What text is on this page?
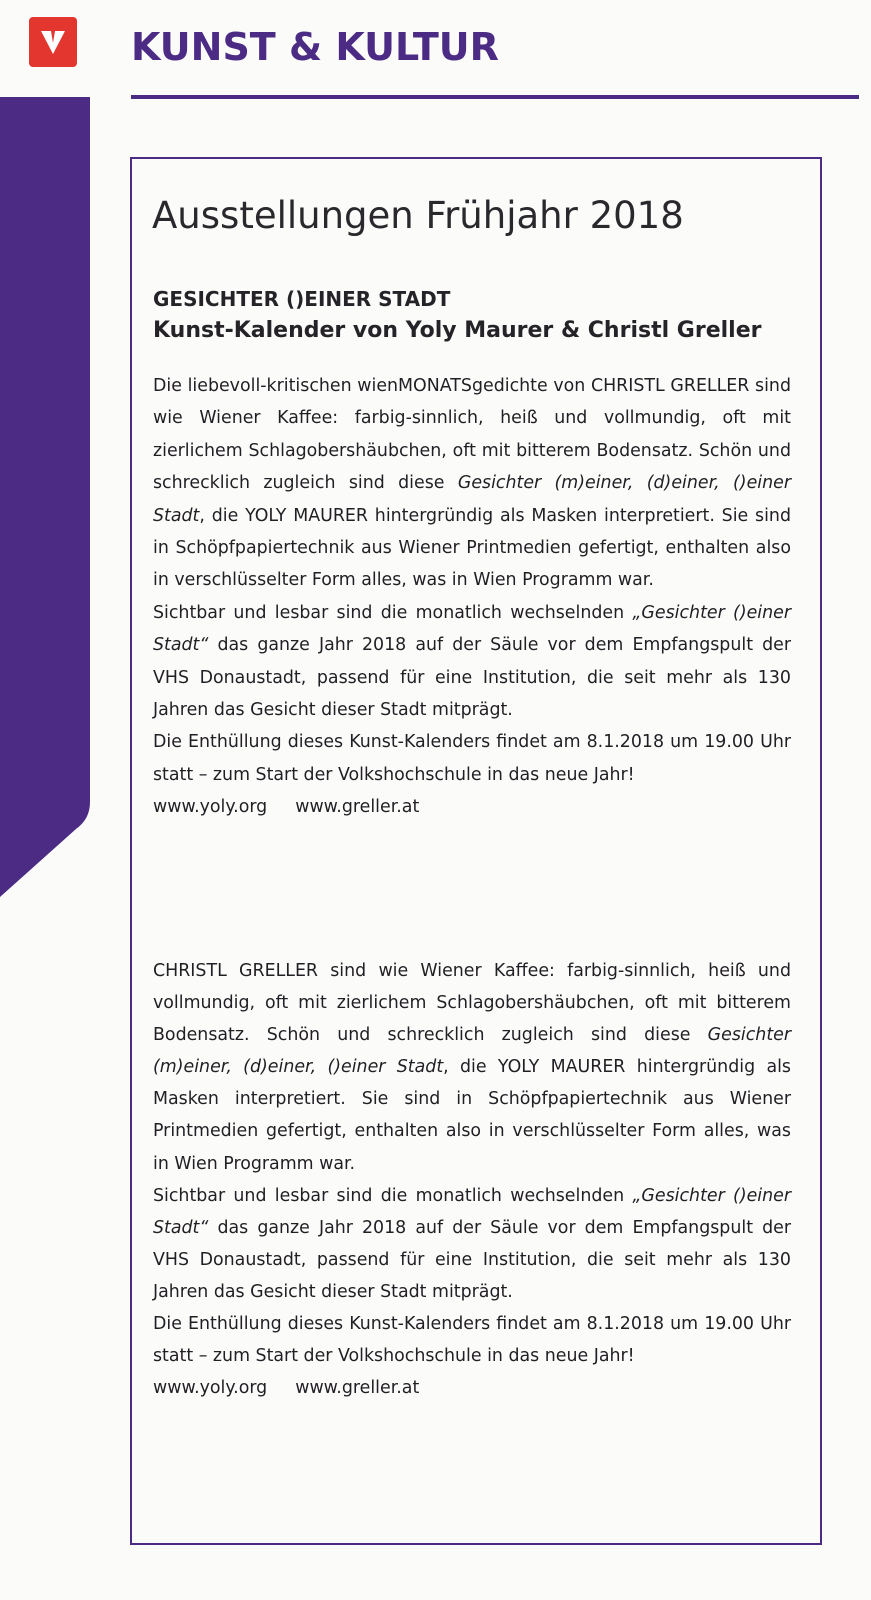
KUNST & KULTUR
Ausstellungen Frühjahr 2018
GESICHTER ()EINER STADT
Kunst-Kalender von Yoly Maurer & Christl Greller

Die liebevoll-kritischen wienMONATSgedichte von CHRISTL GRELLER sind wie Wiener Kaffee: farbig-sinnlich, heiß und vollmundig, oft mit zierlichem Schlagobershäubchen, oft mit bitterem Bodensatz. Schön und schrecklich zugleich sind diese Gesichter (m)einer, (d)einer, ()einer Stadt, die YOLY MAURER hintergründig als Masken interpretiert. Sie sind in Schöpfpapiertechnik aus Wiener Printmedien gefertigt, enthalten also in verschlüsselter Form alles, was in Wien Programm war.

Sichtbar und lesbar sind die monatlich wechselnden „Gesichter ()einer Stadt“ das ganze Jahr 2018 auf der Säule vor dem Empfangspult der VHS Donaustadt, passend für eine Institution, die seit mehr als 130 Jahren das Gesicht dieser Stadt mitprägt.

Die Enthüllung dieses Kunst-Kalenders findet am 8.1.2018 um 19.00 Uhr statt – zum Start der Volkshochschule in das neue Jahr!

www.yoly.org www.greller.at

CHRISTL GRELLER sind wie Wiener Kaffee: farbig-sinnlich, heiß und vollmundig, oft mit zierlichem Schlagobershäubchen, oft mit bitterem Bodensatz. Schön und schrecklich zugleich sind diese Gesichter (m)einer, (d)einer, ()einer Stadt, die YOLY MAURER hintergründig als Masken interpretiert. Sie sind in Schöpfpapiertechnik aus Wiener Printmedien gefertigt, enthalten also in verschlüsselter Form alles, was in Wien Programm war.

Sichtbar und lesbar sind die monatlich wechselnden „Gesichter ()einer Stadt“ das ganze Jahr 2018 auf der Säule vor dem Empfangspult der VHS Donaustadt, passend für eine Institution, die seit mehr als 130 Jahren das Gesicht dieser Stadt mitprägt.

Die Enthüllung dieses Kunst-Kalenders findet am 8.1.2018 um 19.00 Uhr statt – zum Start der Volkshochschule in das neue Jahr!

www.yoly.org www.greller.at
